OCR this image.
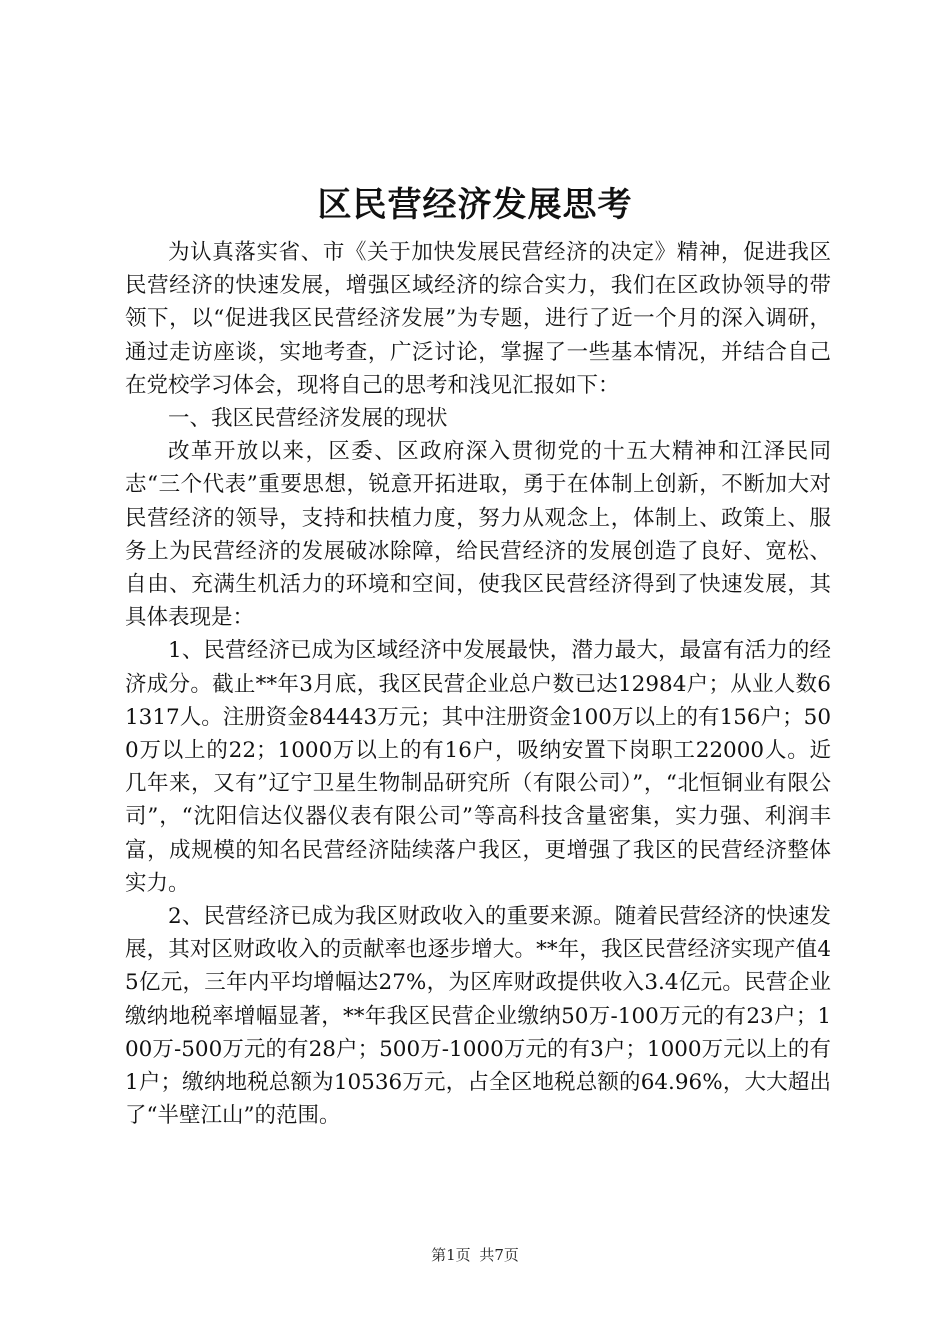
区民营经济发展思考

为认真落实省、市《关于加快发展民营经济的决定》精神，促进我区民营经济的快速发展，增强区域经济的综合实力，我们在区政协领导的带领下，以“促进我区民营经济发展”为专题，进行了近一个月的深入调研，通过走访座谈，实地考查，广泛讨论，掌握了一些基本情况，并结合自己在党校学习体会，现将自己的思考和浅见汇报如下：

一、我区民营经济发展的现状

改革开放以来，区委、区政府深入贯彻党的十五大精神和江泽民同志“三个代表”重要思想，锐意开拓进取，勇于在体制上创新，不断加大对民营经济的领导，支持和扶植力度，努力从观念上，体制上、政策上、服务上为民营经济的发展破冰除障，给民营经济的发展创造了良好、宽松、自由、充满生机活力的环境和空间，使我区民营经济得到了快速发展，其具体表现是：

1、民营经济已成为区域经济中发展最快，潜力最大，最富有活力的经济成分。截止**年3月底，我区民营企业总户数已达12984户；从业人数61317人。注册资金84443万元；其中注册资金100万以上的有156户；500万以上的22；1000万以上的有16户，吸纳安置下岗职工22000人。近几年来，又有”辽宁卫星生物制品研究所（有限公司）”，“北恒铜业有限公司”，“沈阳信达仪器仪表有限公司”等高科技含量密集，实力强、利润丰富，成规模的知名民营经济陆续落户我区，更增强了我区的民营经济整体实力。

2、民营经济已成为我区财政收入的重要来源。随着民营经济的快速发展，其对区财政收入的贡献率也逐步增大。**年，我区民营经济实现产值45亿元，三年内平均增幅达27%，为区库财政提供收入3.4亿元。民营企业缴纳地税率增幅显著，**年我区民营企业缴纳50万-100万元的有23户；100万-500万元的有28户；500万-1000万元的有3户；1000万元以上的有1户；缴纳地税总额为10536万元，占全区地税总额的64.96%，大大超出了“半壁江山”的范围。

第1页 共7页
